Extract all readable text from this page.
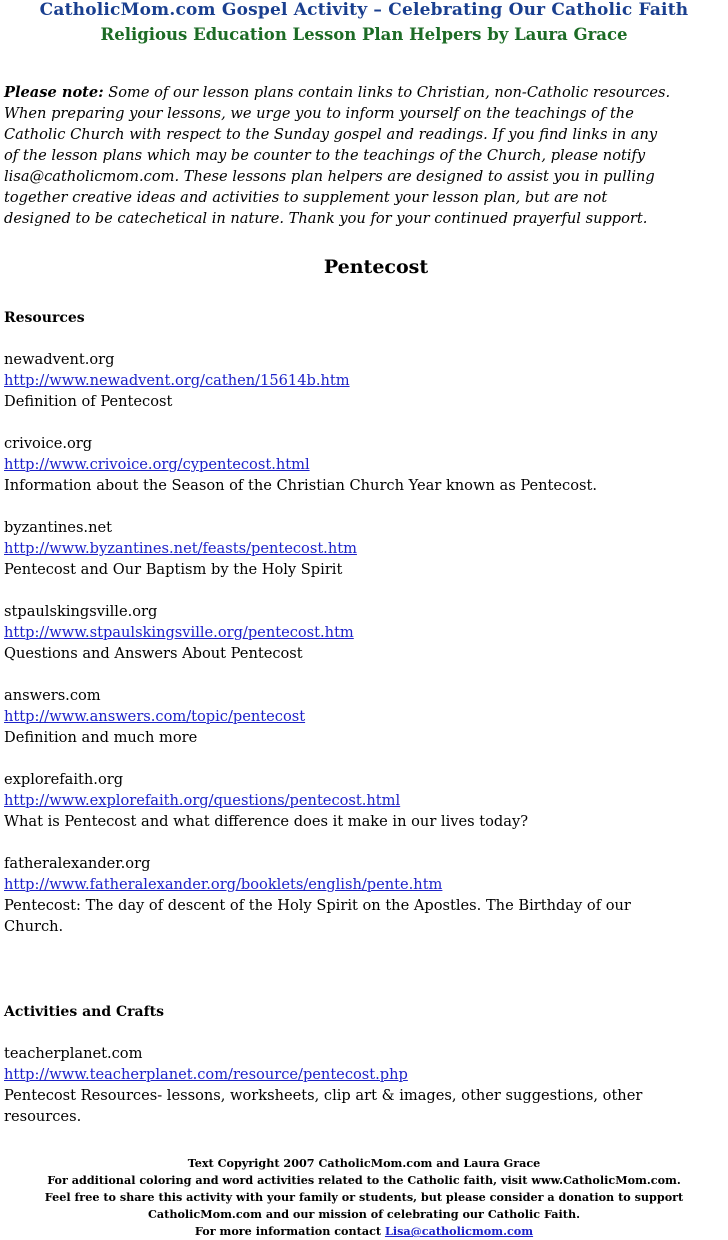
CatholicMom.com Gospel Activity – Celebrating Our Catholic Faith
Religious Education Lesson Plan Helpers by Laura Grace

Please note: Some of our lesson plans contain links to Christian, non-Catholic resources.

When preparing your lessons, we urge you to inform yourself on the teachings of the

Catholic Church with respect to the Sunday gospel and readings. If you find links in any

of the lesson plans which may be counter to the teachings of the Church, please notify

lisa@catholicmom.com. These lessons plan helpers are designed to assist you in pulling

together creative ideas and activities to supplement your lesson plan, but are not

designed to be catechetical in nature. Thank you for your continued prayerful support.

Pentecost
Resources
newadvent.org
http://www.newadvent.org/cathen/15614b.htm
Definition of Pentecost
crivoice.org
http://www.crivoice.org/cypentecost.html
Information about the Season of the Christian Church Year known as Pentecost.
byzantines.net
http://www.byzantines.net/feasts/pentecost.htm
Pentecost and Our Baptism by the Holy Spirit
stpaulskingsville.org
http://www.stpaulskingsville.org/pentecost.htm
Questions and Answers About Pentecost
answers.com
http://www.answers.com/topic/pentecost
Definition and much more
explorefaith.org
http://www.explorefaith.org/questions/pentecost.html
What is Pentecost and what difference does it make in our lives today?
fatheralexander.org
http://www.fatheralexander.org/booklets/english/pente.htm
Pentecost: The day of descent of the Holy Spirit on the Apostles. The Birthday of our
Church.
Activities and Crafts
teacherplanet.com
http://www.teacherplanet.com/resource/pentecost.php
Pentecost Resources- lessons, worksheets, clip art & images, other suggestions, other
resources.

Text Copyright 2007 CatholicMom.com and Laura Grace

For additional coloring and word activities related to the Catholic faith, visit www.CatholicMom.com.

Feel free to share this activity with your family or students, but please consider a donation to support

CatholicMom.com and our mission of celebrating our Catholic Faith.

For more information contact Lisa@catholicmom.com
